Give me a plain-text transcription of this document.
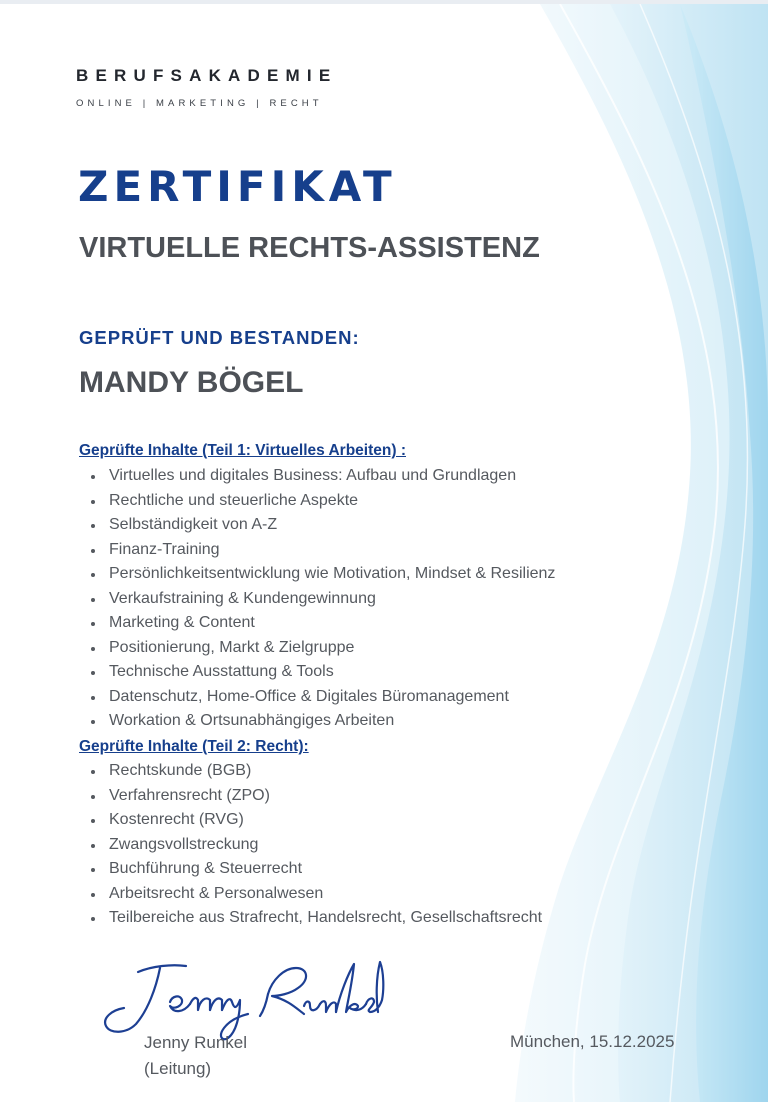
BERUFSAKADEMIE
ONLINE | MARKETING | RECHT
ZERTIFIKAT
VIRTUELLE RECHTS-ASSISTENZ
GEPRÜFT UND BESTANDEN:
MANDY BÖGEL
Geprüfte Inhalte (Teil 1: Virtuelles Arbeiten) :
Virtuelles und digitales Business: Aufbau und Grundlagen
Rechtliche und steuerliche Aspekte
Selbständigkeit von A-Z
Finanz-Training
Persönlichkeitsentwicklung wie Motivation, Mindset & Resilienz
Verkaufstraining & Kundengewinnung
Marketing & Content
Positionierung, Markt & Zielgruppe
Technische Ausstattung & Tools
Datenschutz, Home-Office & Digitales Büromanagement
Workation & Ortsunabhängiges Arbeiten
Geprüfte Inhalte (Teil 2: Recht):
Rechtskunde (BGB)
Verfahrensrecht (ZPO)
Kostenrecht (RVG)
Zwangsvollstreckung
Buchführung & Steuerrecht
Arbeitsrecht & Personalwesen
Teilbereiche aus Strafrecht, Handelsrecht, Gesellschaftsrecht
Jenny Runkel
(Leitung)
München, 15.12.2025
